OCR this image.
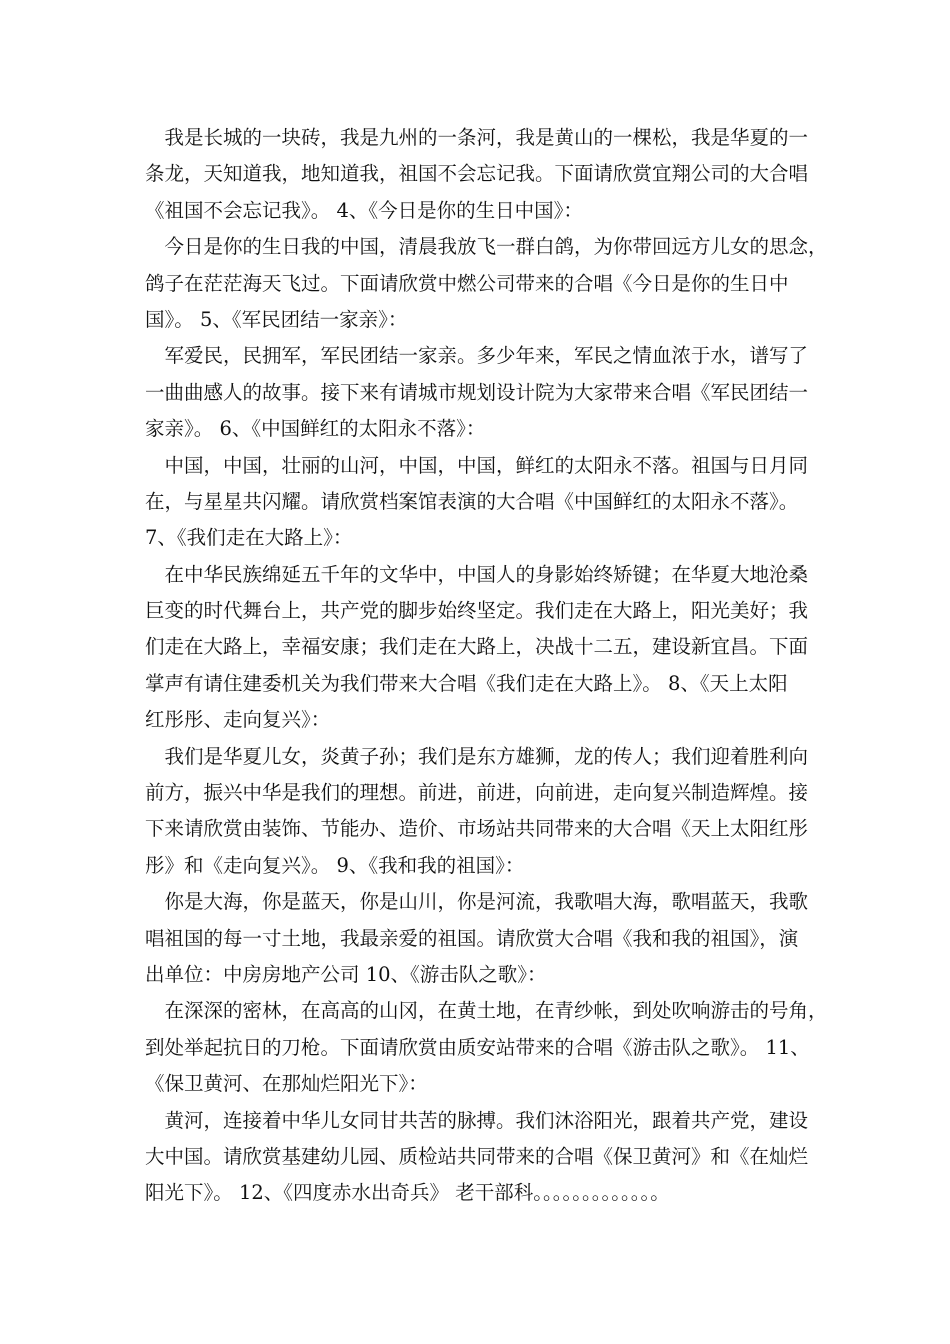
　我是长城的一块砖，我是九州的一条河，我是黄山的一棵松，我是华夏的一
条龙，天知道我，地知道我，祖国不会忘记我。下面请欣赏宜翔公司的大合唱
《祖国不会忘记我》。 4、《今日是你的生日中国》：
　今日是你的生日我的中国，清晨我放飞一群白鸽，为你带回远方儿女的思念，
鸽子在茫茫海天飞过。下面请欣赏中燃公司带来的合唱《今日是你的生日中
国》。 5、《军民团结一家亲》：
　军爱民，民拥军，军民团结一家亲。多少年来，军民之情血浓于水，谱写了
一曲曲感人的故事。接下来有请城市规划设计院为大家带来合唱《军民团结一
家亲》。 6、《中国鲜红的太阳永不落》：
　中国，中国，壮丽的山河，中国，中国，鲜红的太阳永不落。祖国与日月同
在，与星星共闪耀。请欣赏档案馆表演的大合唱《中国鲜红的太阳永不落》。
7、《我们走在大路上》：
　在中华民族绵延五千年的文华中，中国人的身影始终矫键；在华夏大地沧桑
巨变的时代舞台上，共产党的脚步始终坚定。我们走在大路上，阳光美好；我
们走在大路上，幸福安康；我们走在大路上，决战十二五，建设新宜昌。下面
掌声有请住建委机关为我们带来大合唱《我们走在大路上》。 8、《天上太阳
红彤彤、走向复兴》：
　我们是华夏儿女，炎黄子孙；我们是东方雄狮，龙的传人；我们迎着胜利向
前方，振兴中华是我们的理想。前进，前进，向前进，走向复兴制造辉煌。接
下来请欣赏由装饰、节能办、造价、市场站共同带来的大合唱《天上太阳红彤
彤》和《走向复兴》。 9、《我和我的祖国》：
　你是大海，你是蓝天，你是山川，你是河流，我歌唱大海，歌唱蓝天，我歌
唱祖国的每一寸土地，我最亲爱的祖国。请欣赏大合唱《我和我的祖国》，演
出单位：中房房地产公司 10、《游击队之歌》：
　在深深的密林，在高高的山冈，在黄土地，在青纱帐，到处吹响游击的号角，
到处举起抗日的刀枪。下面请欣赏由质安站带来的合唱《游击队之歌》。 11、
《保卫黄河、在那灿烂阳光下》：
　黄河，连接着中华儿女同甘共苦的脉搏。我们沐浴阳光，跟着共产党，建设
大中国。请欣赏基建幼儿园、质检站共同带来的合唱《保卫黄河》和《在灿烂
阳光下》。 12、《四度赤水出奇兵》 老干部科。。。。。。。。。。。。。
